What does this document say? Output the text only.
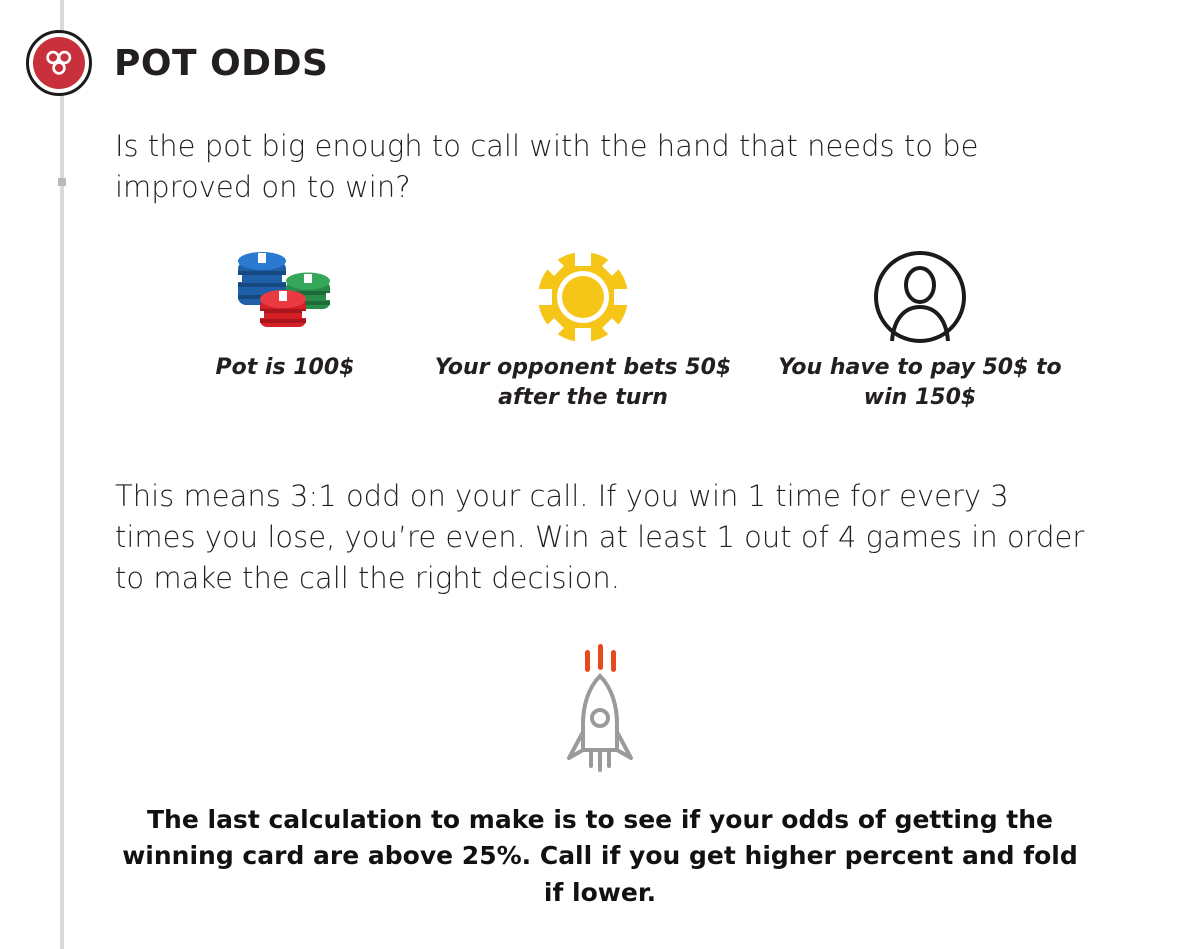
POT ODDS
Is the pot big enough to call with the hand that needs to be improved on to win?
Pot is 100$	Your opponent bets 50$ after the turn
You have to pay 50$ to win 150$
This means 3:1 odd on your call. If you win 1 time for every 3 times you lose, you’re even. Win at least 1 out of 4 games in order to make the call the right decision.
The last calculation to make is to see if your odds of getting the winning card are above 25%. Call if you get higher percent and fold if lower.
